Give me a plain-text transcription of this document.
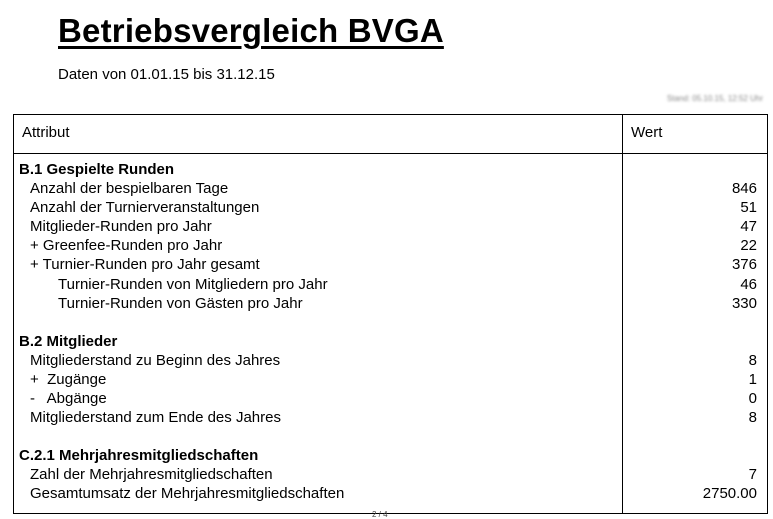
Betriebsvergleich BVGA
Daten von 01.01.15 bis 31.12.15
Stand: 05.10.15, 12:52 Uhr
Attribut	Wert
B.1 Gespielte Runden
Anzahl der bespielbaren Tage	846
Anzahl der Turnierveranstaltungen	51
Mitglieder-Runden pro Jahr	47
+ Greenfee-Runden pro Jahr	22
+ Turnier-Runden pro Jahr gesamt	376
Turnier-Runden von Mitgliedern pro Jahr	46
Turnier-Runden von Gästen pro Jahr	330
B.2 Mitglieder
Mitgliederstand zu Beginn des Jahres	8
+  Zugänge	1
-   Abgänge	0
Mitgliederstand zum Ende des Jahres	8
C.2.1 Mehrjahresmitgliedschaften
Zahl der Mehrjahresmitgliedschaften	7
Gesamtumsatz der Mehrjahresmitgliedschaften	2750.00
2 / 4
